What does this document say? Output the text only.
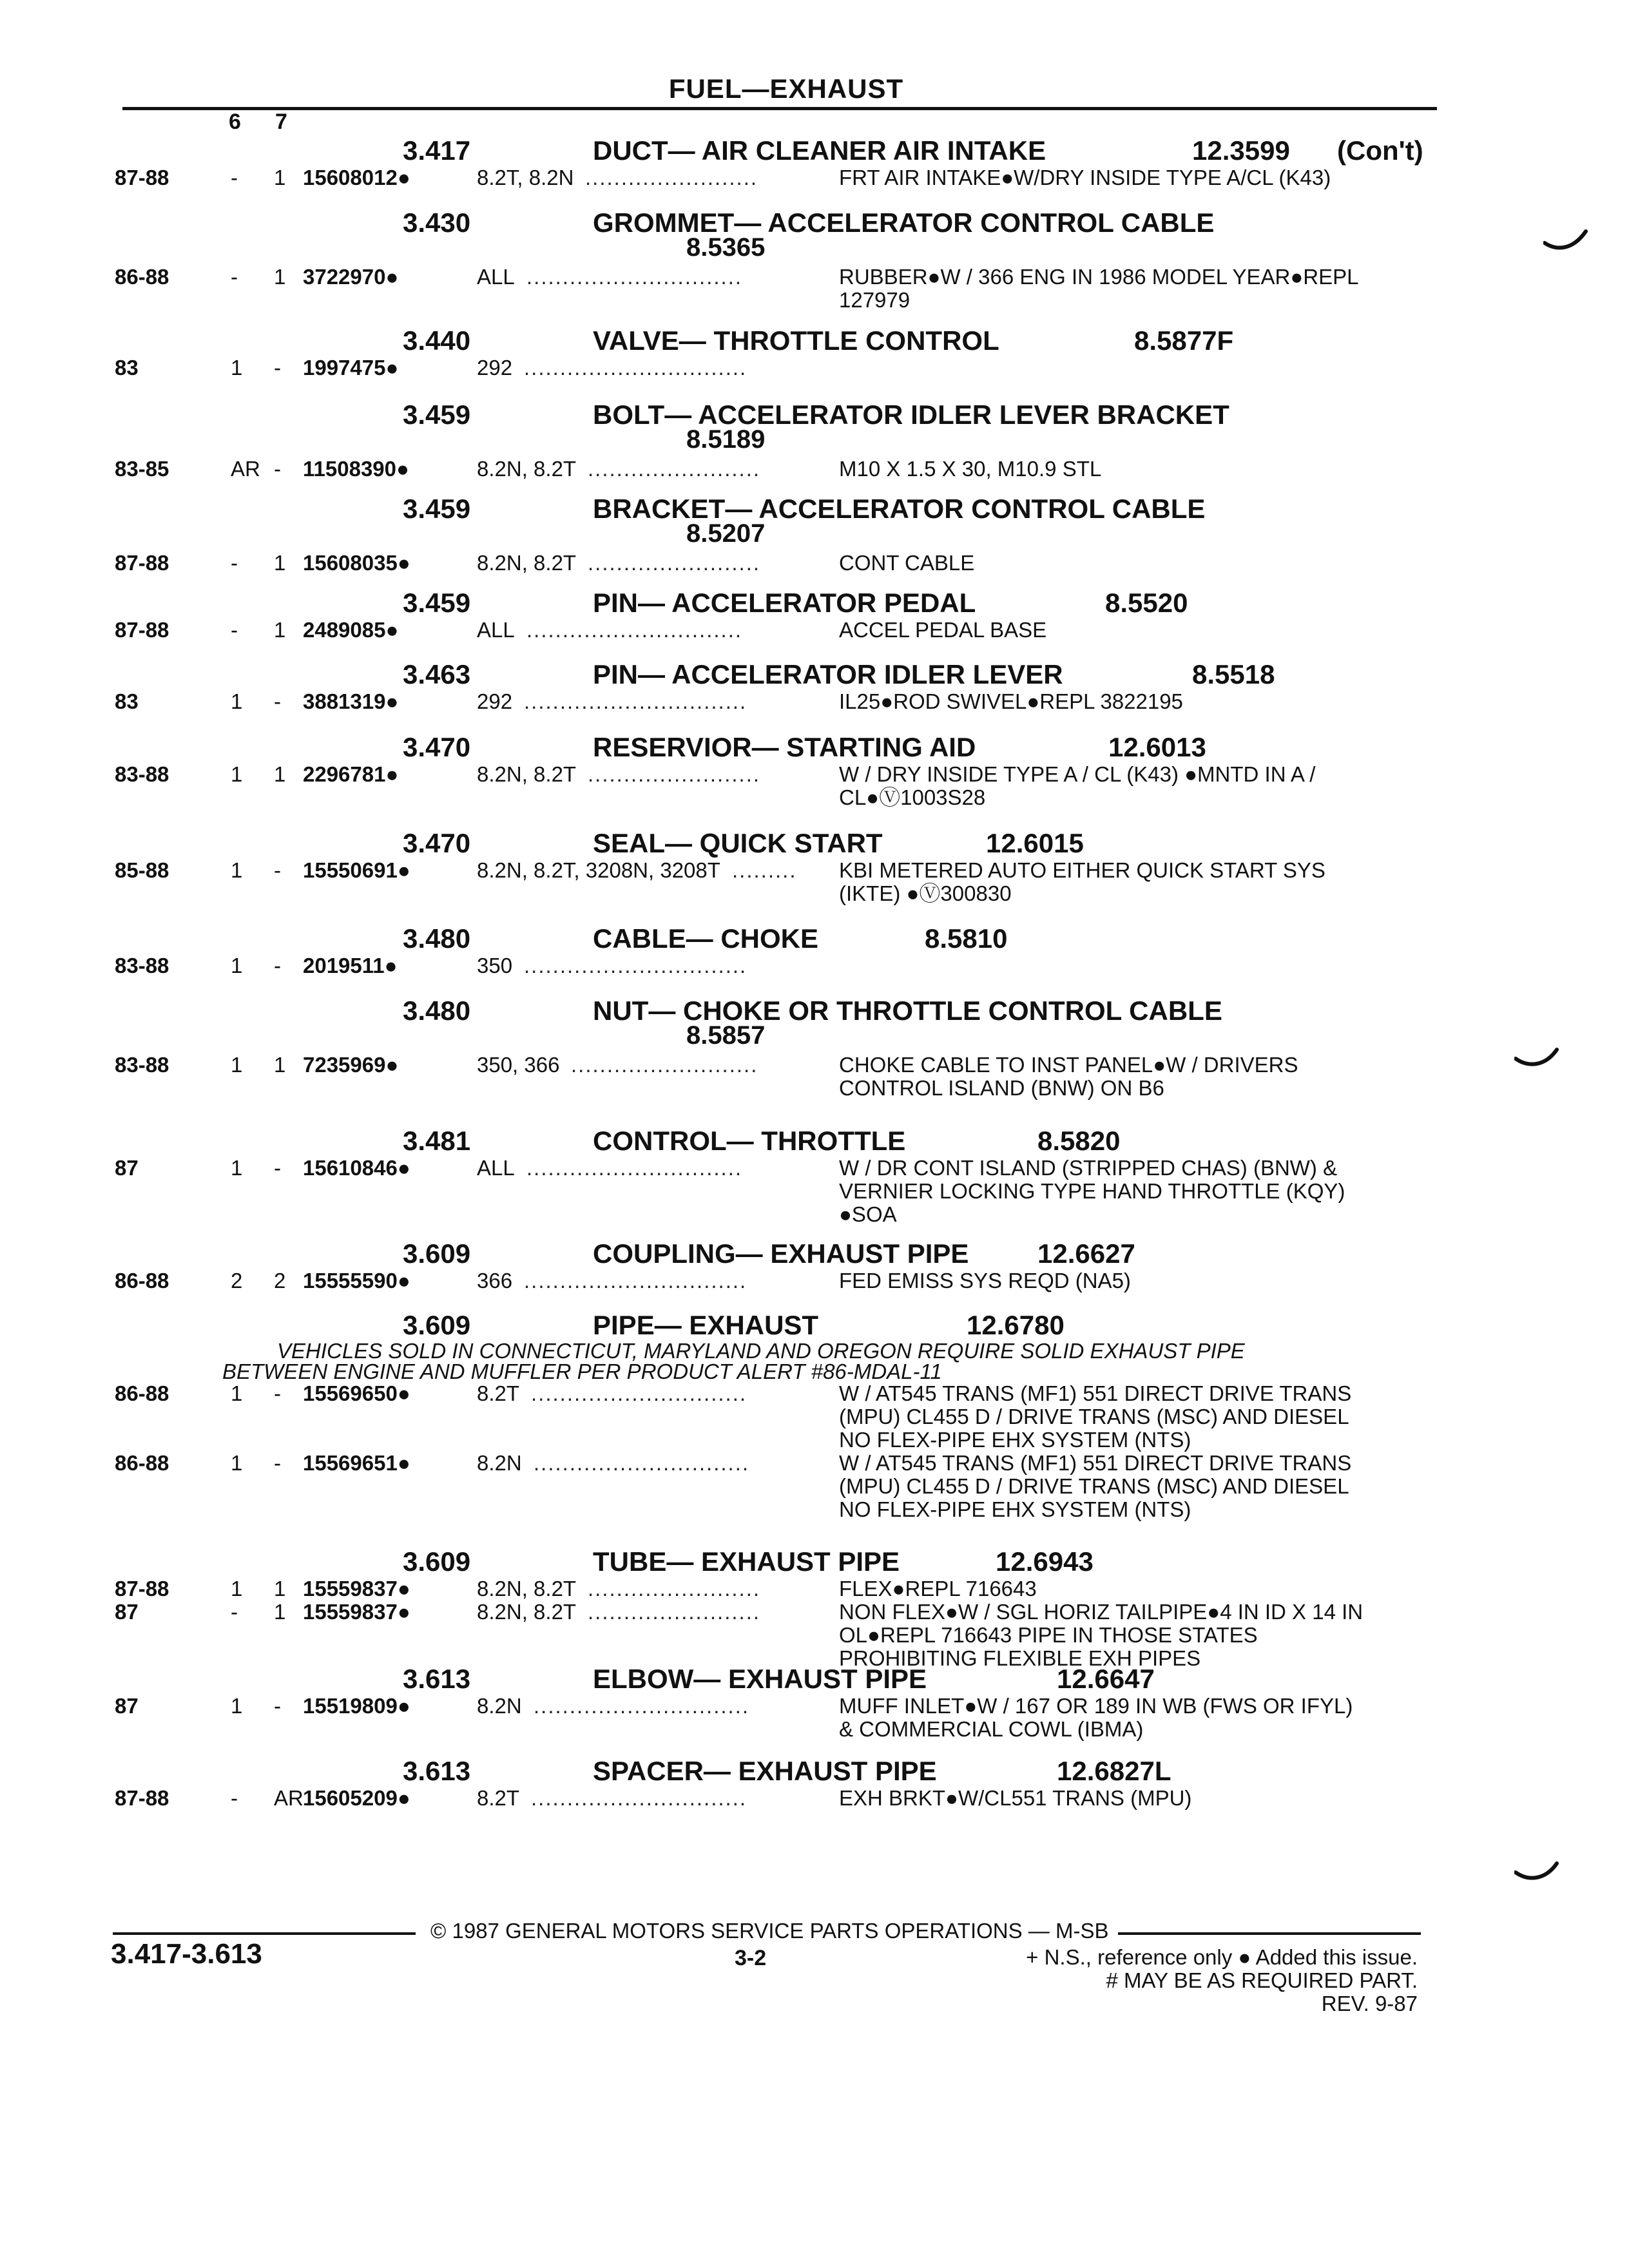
FUEL—EXHAUST
6 7
3.417	DUCT— AIR CLEANER AIR INTAKE	12.3599 (Con't)
87-88	- 1 15608012●	8.2T, 8.2N ........................	FRT AIR INTAKE●W/DRY INSIDE TYPE A/CL (K43)
3.430	GROMMET— ACCELERATOR CONTROL CABLE
8.5365
86-88	- 1 3722970●	ALL ..............................	RUBBER●W / 366 ENG IN 1986 MODEL YEAR●REPL
127979
3.440	VALVE— THROTTLE CONTROL	8.5877F
83	1 - 1997475●	292 ...............................
3.459	BOLT— ACCELERATOR IDLER LEVER BRACKET
8.5189
83-85	AR - 11508390●	8.2N, 8.2T ........................	M10 X 1.5 X 30, M10.9 STL
3.459	BRACKET— ACCELERATOR CONTROL CABLE
8.5207
87-88	- 1 15608035●	8.2N, 8.2T ........................	CONT CABLE
3.459	PIN— ACCELERATOR PEDAL	8.5520
87-88	- 1 2489085●	ALL ..............................	ACCEL PEDAL BASE
3.463	PIN— ACCELERATOR IDLER LEVER	8.5518
83	1 - 3881319●	292 ...............................	IL25●ROD SWIVEL●REPL 3822195
3.470	RESERVIOR— STARTING AID	12.6013
83-88	1 1 2296781●	8.2N, 8.2T ........................	W / DRY INSIDE TYPE A / CL (K43) ●MNTD IN A /
CL●Ⓥ1003S28
3.470	SEAL— QUICK START	12.6015
85-88	1 - 15550691●	8.2N, 8.2T, 3208N, 3208T ......... KBI METERED AUTO EITHER QUICK START SYS
(IKTE) ●Ⓥ300830
3.480	CABLE— CHOKE	8.5810
83-88	1 - 2019511●	350 ...............................
3.480	NUT— CHOKE OR THROTTLE CONTROL CABLE
8.5857
83-88	1 1 7235969●	350, 366 ..........................	CHOKE CABLE TO INST PANEL●W / DRIVERS
CONTROL ISLAND (BNW) ON B6
3.481	CONTROL— THROTTLE	8.5820
87	1 - 15610846●	ALL ..............................	W / DR CONT ISLAND (STRIPPED CHAS) (BNW) &
VERNIER LOCKING TYPE HAND THROTTLE (KQY)
●SOA
3.609	COUPLING— EXHAUST PIPE	12.6627
86-88	2 2 15555590●	366 ...............................	FED EMISS SYS REQD (NA5)
3.609	PIPE— EXHAUST	12.6780
VEHICLES SOLD IN CONNECTICUT, MARYLAND AND OREGON REQUIRE SOLID EXHAUST PIPE
BETWEEN ENGINE AND MUFFLER PER PRODUCT ALERT #86-MDAL-11
86-88	1 - 15569650●	8.2T ..............................	W / AT545 TRANS (MF1) 551 DIRECT DRIVE TRANS
(MPU) CL455 D / DRIVE TRANS (MSC) AND DIESEL
NO FLEX-PIPE EHX SYSTEM (NTS)
86-88	1 - 15569651●	8.2N ..............................	W / AT545 TRANS (MF1) 551 DIRECT DRIVE TRANS
(MPU) CL455 D / DRIVE TRANS (MSC) AND DIESEL
NO FLEX-PIPE EHX SYSTEM (NTS)
3.609	TUBE— EXHAUST PIPE	12.6943
87-88	1 1 15559837●	8.2N, 8.2T ........................	FLEX●REPL 716643
87	- 1 15559837●	8.2N, 8.2T ........................	NON FLEX●W / SGL HORIZ TAILPIPE●4 IN ID X 14 IN
OL●REPL 716643 PIPE IN THOSE STATES
PROHIBITING FLEXIBLE EXH PIPES
3.613	ELBOW— EXHAUST PIPE	12.6647
87	1 - 15519809●	8.2N ..............................	MUFF INLET●W / 167 OR 189 IN WB (FWS OR IFYL)
& COMMERCIAL COWL (IBMA)
3.613	SPACER— EXHAUST PIPE	12.6827L
87-88	- AR 15605209●	8.2T ..............................	EXH BRKT●W/CL551 TRANS (MPU)
© 1987 GENERAL MOTORS SERVICE PARTS OPERATIONS — M-SB
3.417-3.613	3-2	+ N.S., reference only ● Added this issue.
# MAY BE AS REQUIRED PART.
REV. 9-87
